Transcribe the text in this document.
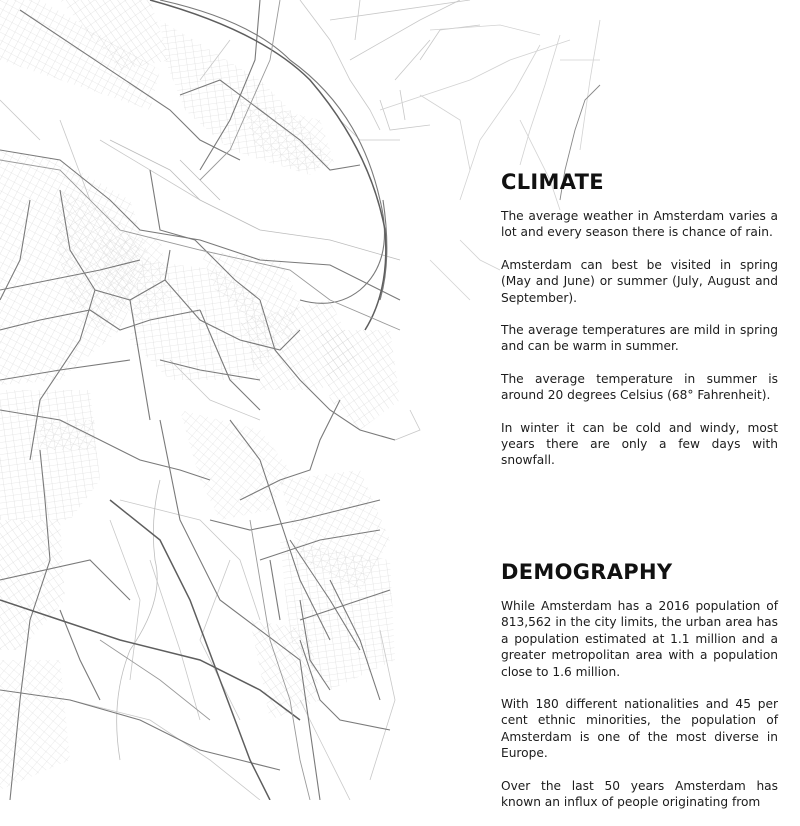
CLIMATE

The average weather in Amsterdam varies a lot and every season there is chance of rain.

Amsterdam can best be visited in spring (May and June) or summer (July, August and September).

The average temperatures are mild in spring and can be warm in summer.

The average temperature in summer is around 20 degrees Celsius (68° Fahrenheit).

In winter it can be cold and windy, most years there are only a few days with snowfall.

DEMOGRAPHY

While Amsterdam has a 2016 population of 813,562 in the city limits, the urban area has a population estimated at 1.1 million and a greater metropolitan area with a population close to 1.6 million.

With 180 different nationalities and 45 per cent ethnic minorities, the population of Amsterdam is one of the most diverse in Europe.

Over the last 50 years Amsterdam has known an influx of people originating from
